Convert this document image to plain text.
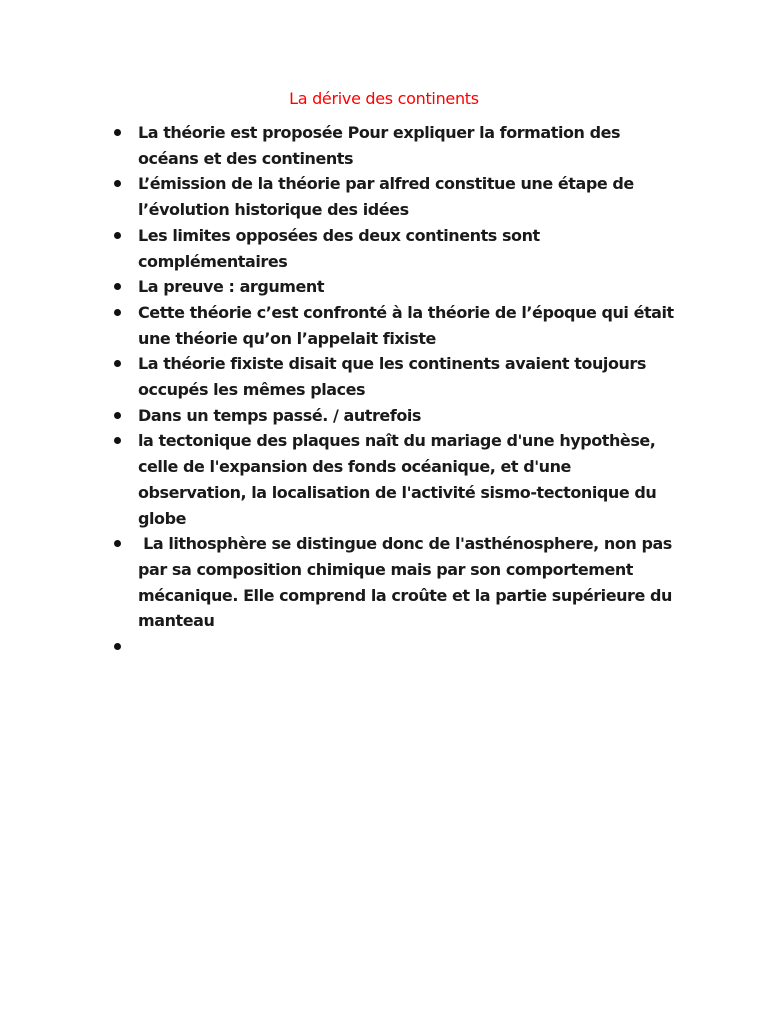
La dérive des continents
La théorie est proposée Pour expliquer la formation des océans et des continents
L’émission de la théorie par alfred constitue une étape de l’évolution historique des idées
Les limites opposées des deux continents sont complémentaires
La preuve : argument
Cette théorie c’est confronté à la théorie de l’époque qui était une théorie qu’on l’appelait fixiste
La théorie fixiste disait que les continents avaient toujours occupés les mêmes places
Dans un temps passé. / autrefois
la tectonique des plaques naît du mariage d'une hypothèse, celle de l'expansion des fonds océanique, et d'une observation, la localisation de l'activité sismo-tectonique du globe
La lithosphère se distingue donc de l'asthénosphere, non pas par sa composition chimique mais par son comportement mécanique. Elle comprend la croûte et la partie supérieure du manteau
